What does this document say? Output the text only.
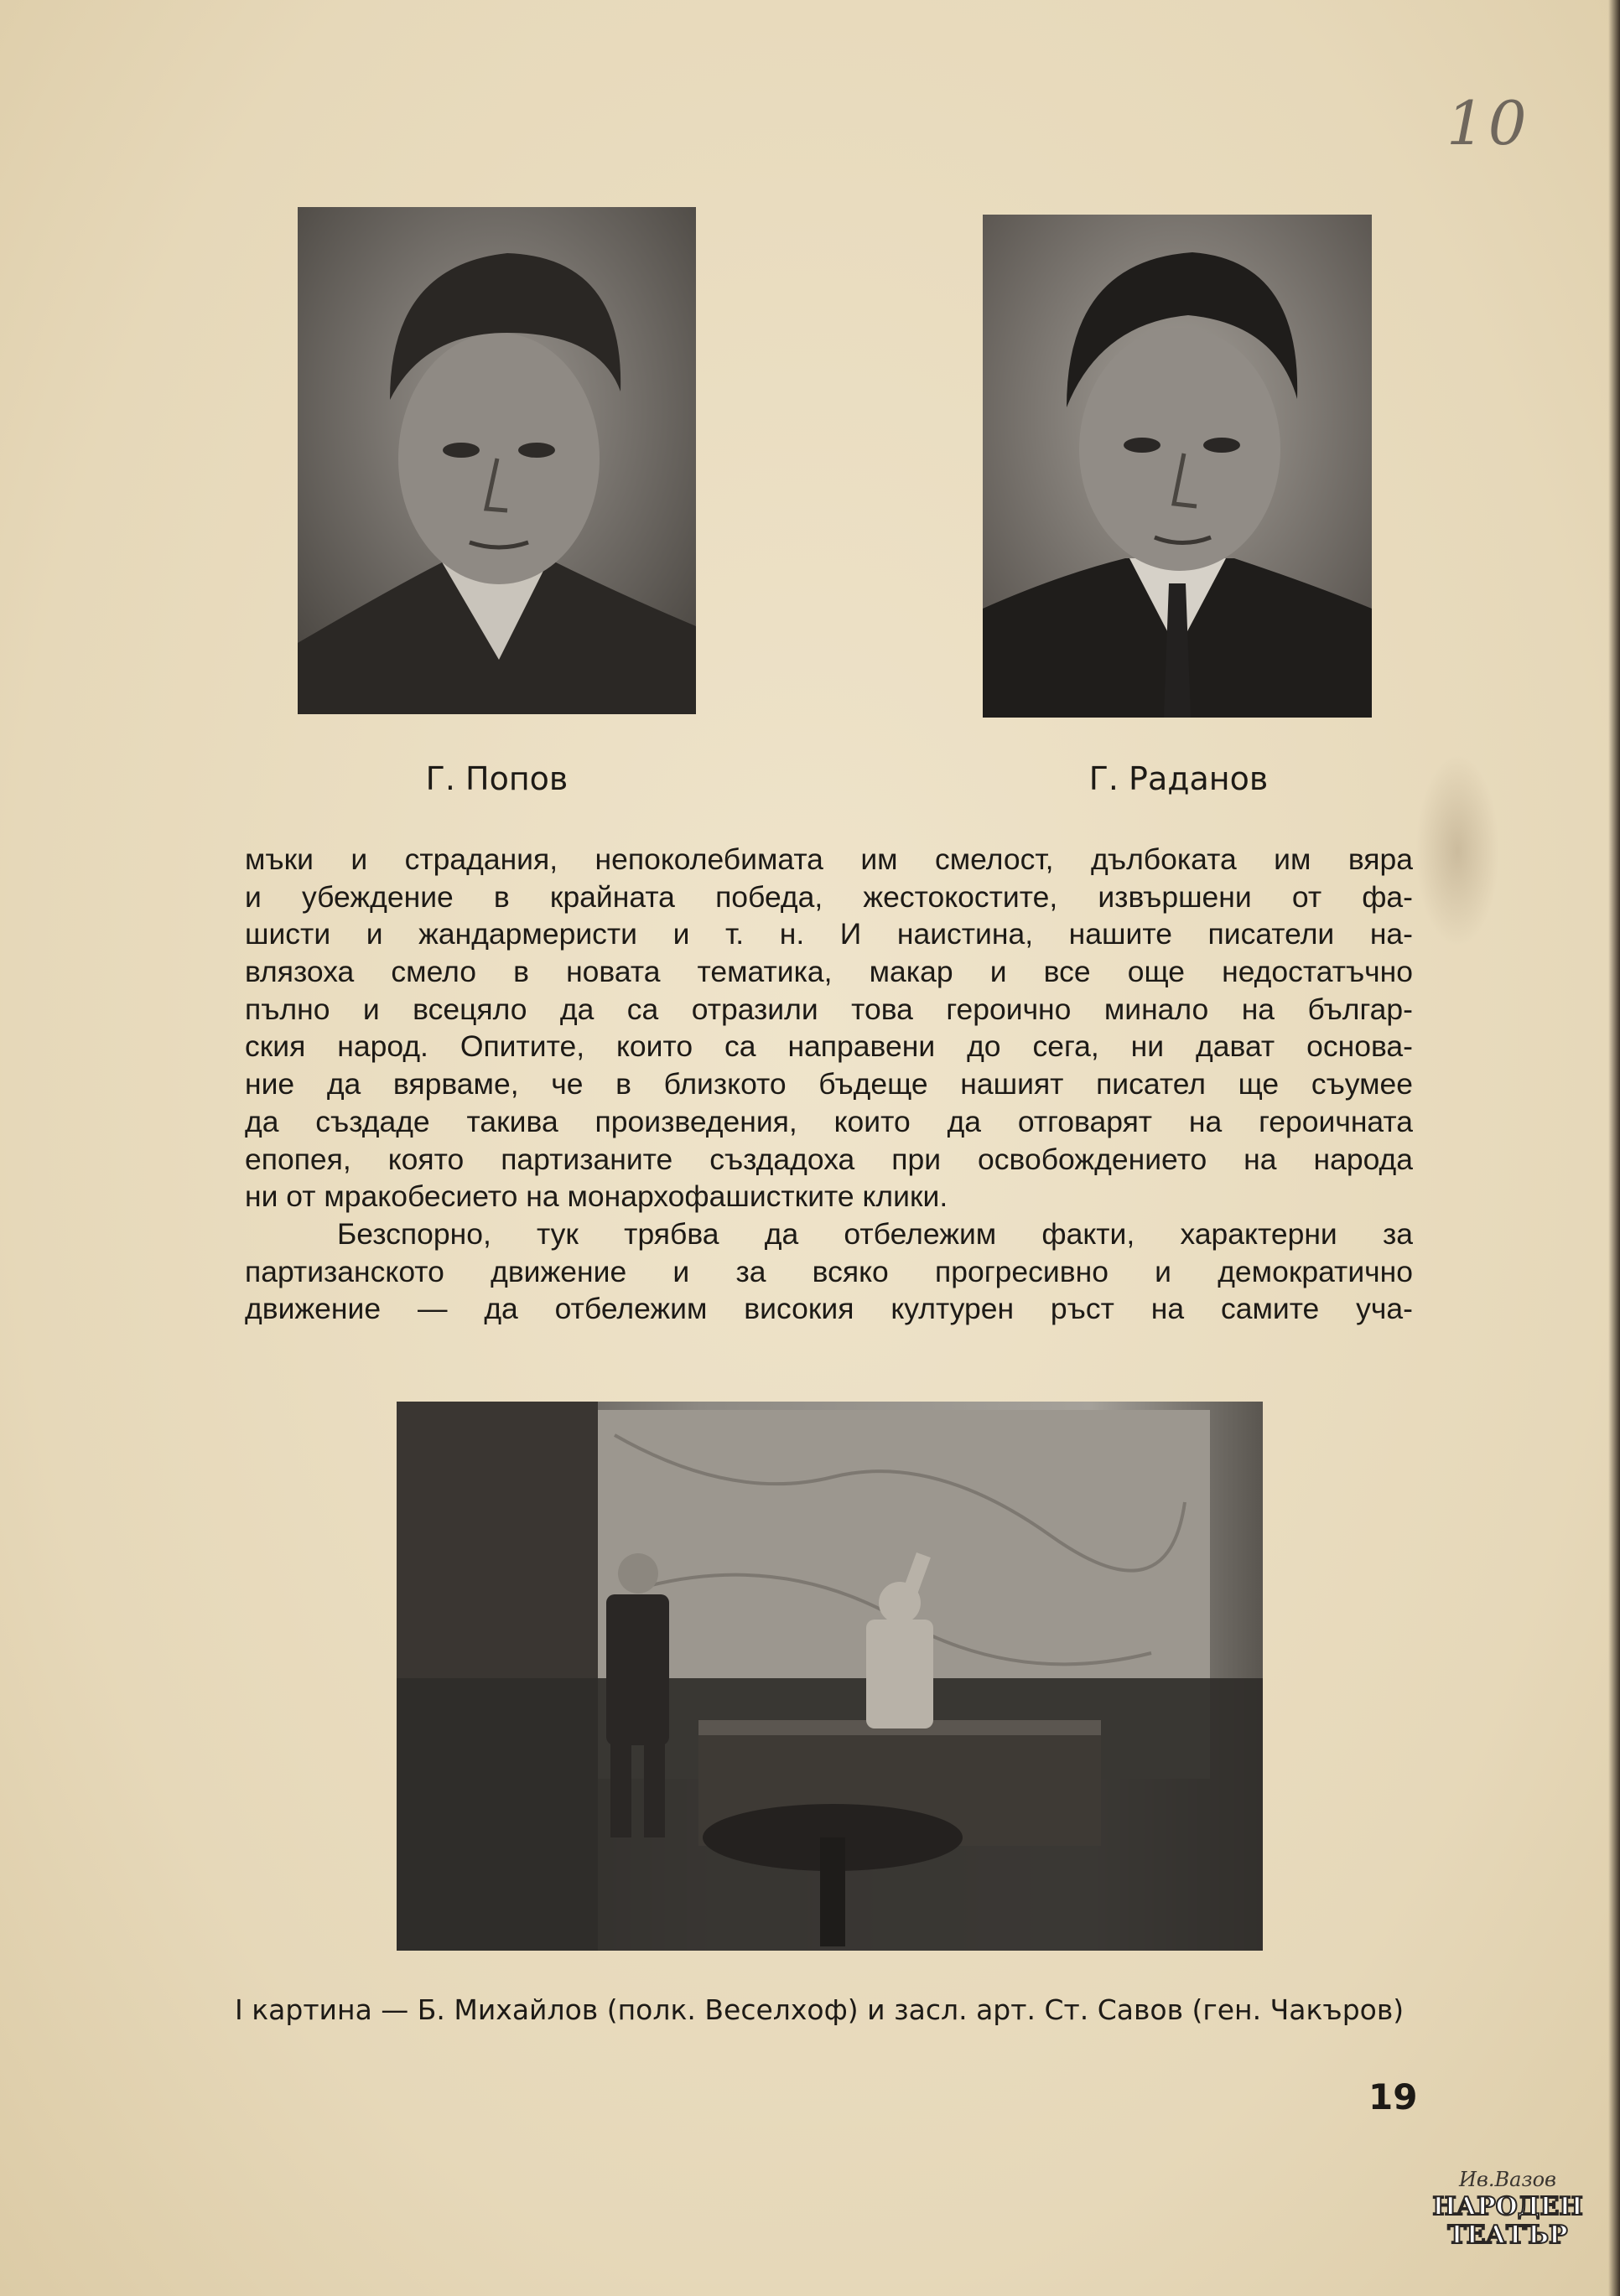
10
Г. Попов	Г. Раданов
мъки и страдания, непоколебимата им смелост, дълбоката им вяра
и убеждение в крайната победа, жестокостите, извършени от фа-
шисти и жандармеристи и т. н. И наистина, нашите писатели на-
влязоха смело в новата тематика, макар и все още недостатъчно
пълно и всецяло да са отразили това героично минало на българ-
ския народ. Опитите, които са направени до сега, ни дават основа-
ние да вярваме, че в близкото бъдеще нашият писател ще съумее
да създаде такива произведения, които да отговарят на героичната
епопея, която партизаните създадоха при освобождението на народа
ни от мракобесието на монархофашистките клики.
Безспорно, тук трябва да отбележим факти, характерни за
партизанското движение и за всяко прогресивно и демократично
движение — да отбележим високия културен ръст на самите уча-
I картина — Б. Михайлов (полк. Веселхоф) и засл. арт. Ст. Савов (ген. Чакъров)
19
Ив.Вазов
НАРОДЕН
ТЕАТЪР
